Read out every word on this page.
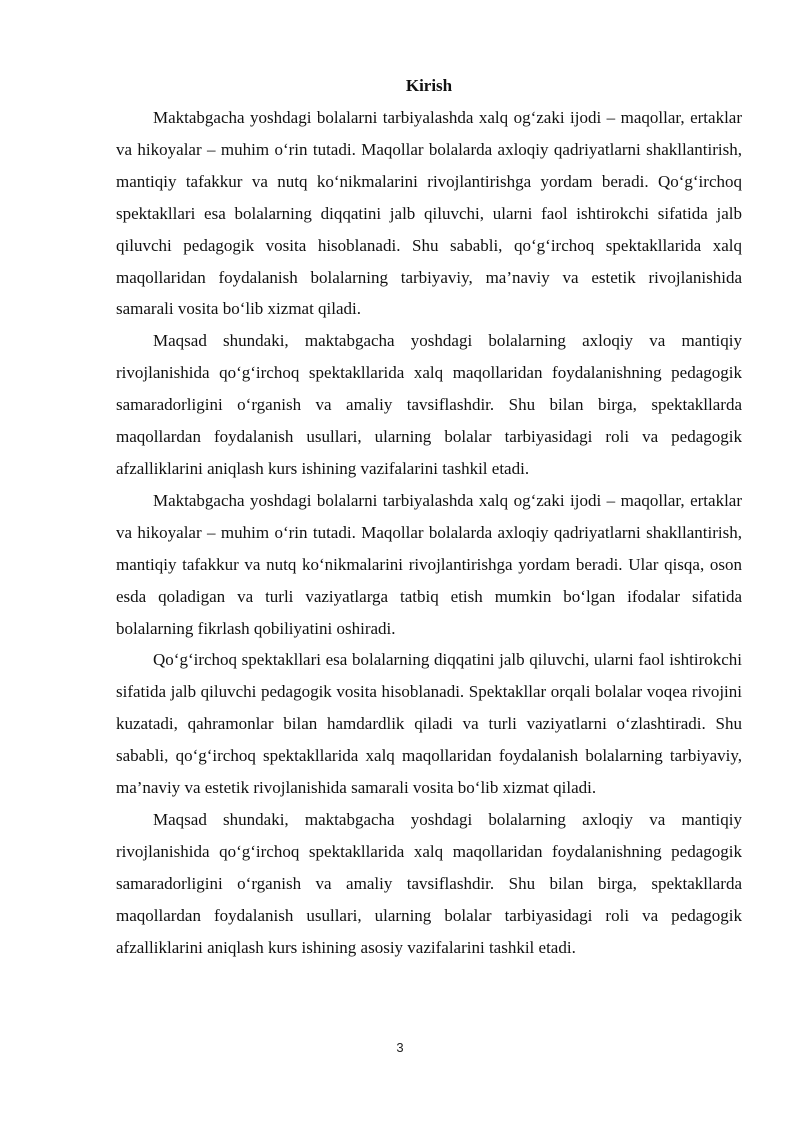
Kirish

Maktabgacha yoshdagi bolalarni tarbiyalashda xalq og‘zaki ijodi – maqollar, ertaklar va hikoyalar – muhim o‘rin tutadi. Maqollar bolalarda axloqiy qadriyatlarni shakllantirish, mantiqiy tafakkur va nutq ko‘nikmalarini rivojlantirishga yordam beradi. Qo‘g‘irchoq spektakllari esa bolalarning diqqatini jalb qiluvchi, ularni faol ishtirokchi sifatida jalb qiluvchi pedagogik vosita hisoblanadi. Shu sababli, qo‘g‘irchoq spektakllarida xalq maqollaridan foydalanish bolalarning tarbiyaviy, ma’naviy va estetik rivojlanishida samarali vosita bo‘lib xizmat qiladi.

Maqsad shundaki, maktabgacha yoshdagi bolalarning axloqiy va mantiqiy rivojlanishida qo‘g‘irchoq spektakllarida xalq maqollaridan foydalanishning pedagogik samaradorligini o‘rganish va amaliy tavsiflashdir. Shu bilan birga, spektakllarda maqollardan foydalanish usullari, ularning bolalar tarbiyasidagi roli va pedagogik afzalliklarini aniqlash kurs ishining vazifalarini tashkil etadi.

Maktabgacha yoshdagi bolalarni tarbiyalashda xalq og‘zaki ijodi – maqollar, ertaklar va hikoyalar – muhim o‘rin tutadi. Maqollar bolalarda axloqiy qadriyatlarni shakllantirish, mantiqiy tafakkur va nutq ko‘nikmalarini rivojlantirishga yordam beradi. Ular qisqa, oson esda qoladigan va turli vaziyatlarga tatbiq etish mumkin bo‘lgan ifodalar sifatida bolalarning fikrlash qobiliyatini oshiradi.

Qo‘g‘irchoq spektakllari esa bolalarning diqqatini jalb qiluvchi, ularni faol ishtirokchi sifatida jalb qiluvchi pedagogik vosita hisoblanadi. Spektakllar orqali bolalar voqea rivojini kuzatadi, qahramonlar bilan hamdardlik qiladi va turli vaziyatlarni o‘zlashtiradi. Shu sababli, qo‘g‘irchoq spektakllarida xalq maqollaridan foydalanish bolalarning tarbiyaviy, ma’naviy va estetik rivojlanishida samarali vosita bo‘lib xizmat qiladi.

Maqsad shundaki, maktabgacha yoshdagi bolalarning axloqiy va mantiqiy rivojlanishida qo‘g‘irchoq spektakllarida xalq maqollaridan foydalanishning pedagogik samaradorligini o‘rganish va amaliy tavsiflashdir. Shu bilan birga, spektakllarda maqollardan foydalanish usullari, ularning bolalar tarbiyasidagi roli va pedagogik afzalliklarini aniqlash kurs ishining asosiy vazifalarini tashkil etadi.

3
